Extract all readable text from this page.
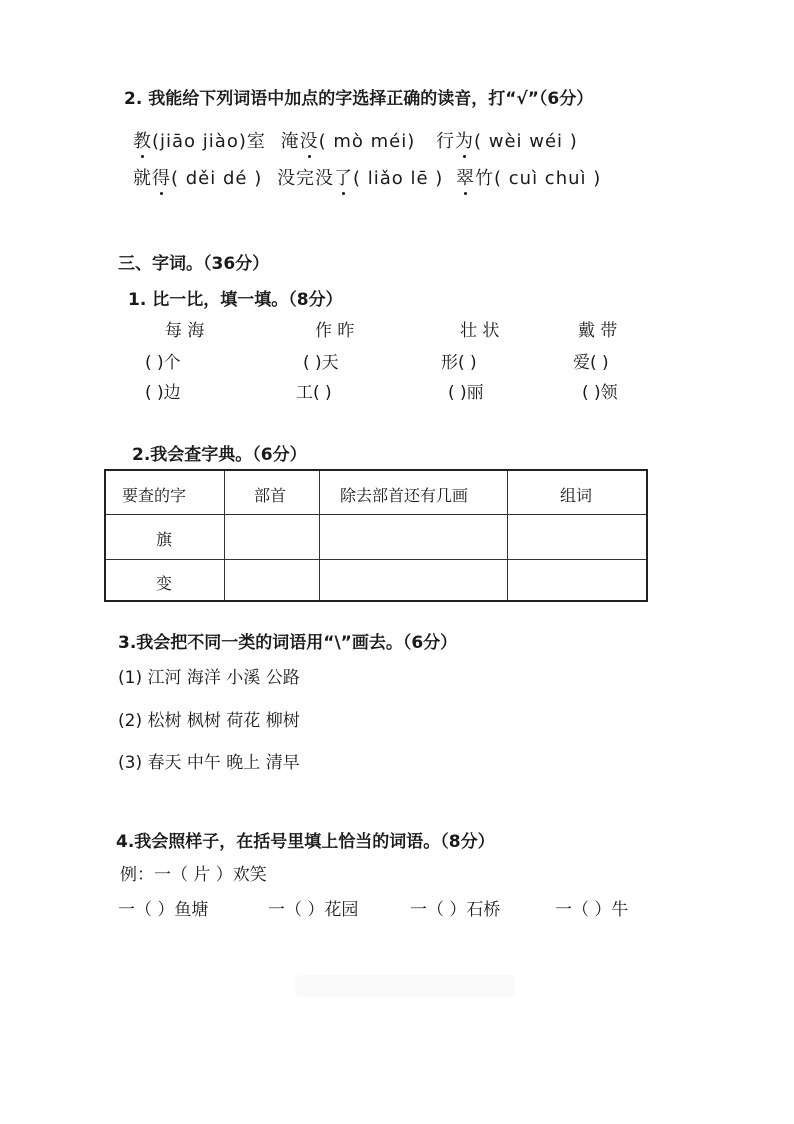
2. 我能给下列词语中加点的字选择正确的读音，打“√”（6分）
教(jiāo jiào)室 淹没( mò méi) 行为( wèi wéi )
就得( děi dé ) 没完没了( liǎo lē ) 翠竹( cuì chuì )
三、字词。（36分）
1. 比一比，填一填。（8分）
每 海	作 昨	壮 状	戴 带
( )个	( )天	形( )	爱( )
( )边	工( )	( )丽	( )领
2.我会查字典。（6分）
要查的字	部首	除去部首还有几画	组词
旗
变
3.我会把不同一类的词语用“\”画去。（6分）
(1) 江河 海洋 小溪 公路
(2) 松树 枫树 荷花 柳树
(3) 春天 中午 晚上 清早
4.我会照样子，在括号里填上恰当的词语。（8分）
例：一（ 片 ）欢笑
一（ ）鱼塘	一（ ）花园	一（ ）石桥	一（ ）牛
